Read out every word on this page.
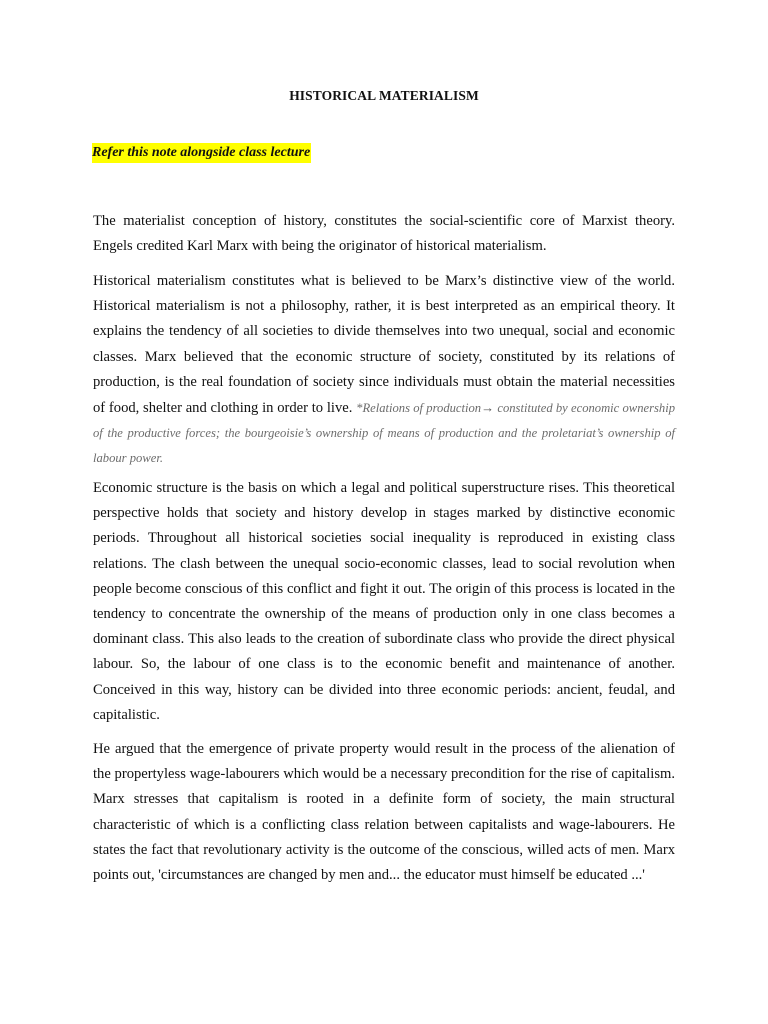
HISTORICAL MATERIALISM
Refer this note alongside class lecture

The materialist conception of history, constitutes the social-scientific core of Marxist theory. Engels credited Karl Marx with being the originator of historical materialism.

Historical materialism constitutes what is believed to be Marx’s distinctive view of the world. Historical materialism is not a philosophy, rather, it is best interpreted as an empirical theory. It explains the tendency of all societies to divide themselves into two unequal, social and economic classes. Marx believed that the economic structure of society, constituted by its relations of production, is the real foundation of society since individuals must obtain the material necessities of food, shelter and clothing in order to live. *Relations of production→ constituted by economic ownership of the productive forces; the bourgeoisie’s ownership of means of production and the proletariat’s ownership of labour power.

Economic structure is the basis on which a legal and political superstructure rises. This theoretical perspective holds that society and history develop in stages marked by distinctive economic periods. Throughout all historical societies social inequality is reproduced in existing class relations. The clash between the unequal socio-economic classes, lead to social revolution when people become conscious of this conflict and fight it out. The origin of this process is located in the tendency to concentrate the ownership of the means of production only in one class becomes a dominant class. This also leads to the creation of subordinate class who provide the direct physical labour. So, the labour of one class is to the economic benefit and maintenance of another. Conceived in this way, history can be divided into three economic periods: ancient, feudal, and capitalistic.

He argued that the emergence of private property would result in the process of the alienation of the propertyless wage-labourers which would be a necessary precondition for the rise of capitalism. Marx stresses that capitalism is rooted in a definite form of society, the main structural characteristic of which is a conflicting class relation between capitalists and wage-labourers. He states the fact that revolutionary activity is the outcome of the conscious, willed acts of men. Marx points out, 'circumstances are changed by men and... the educator must himself be educated ...'
